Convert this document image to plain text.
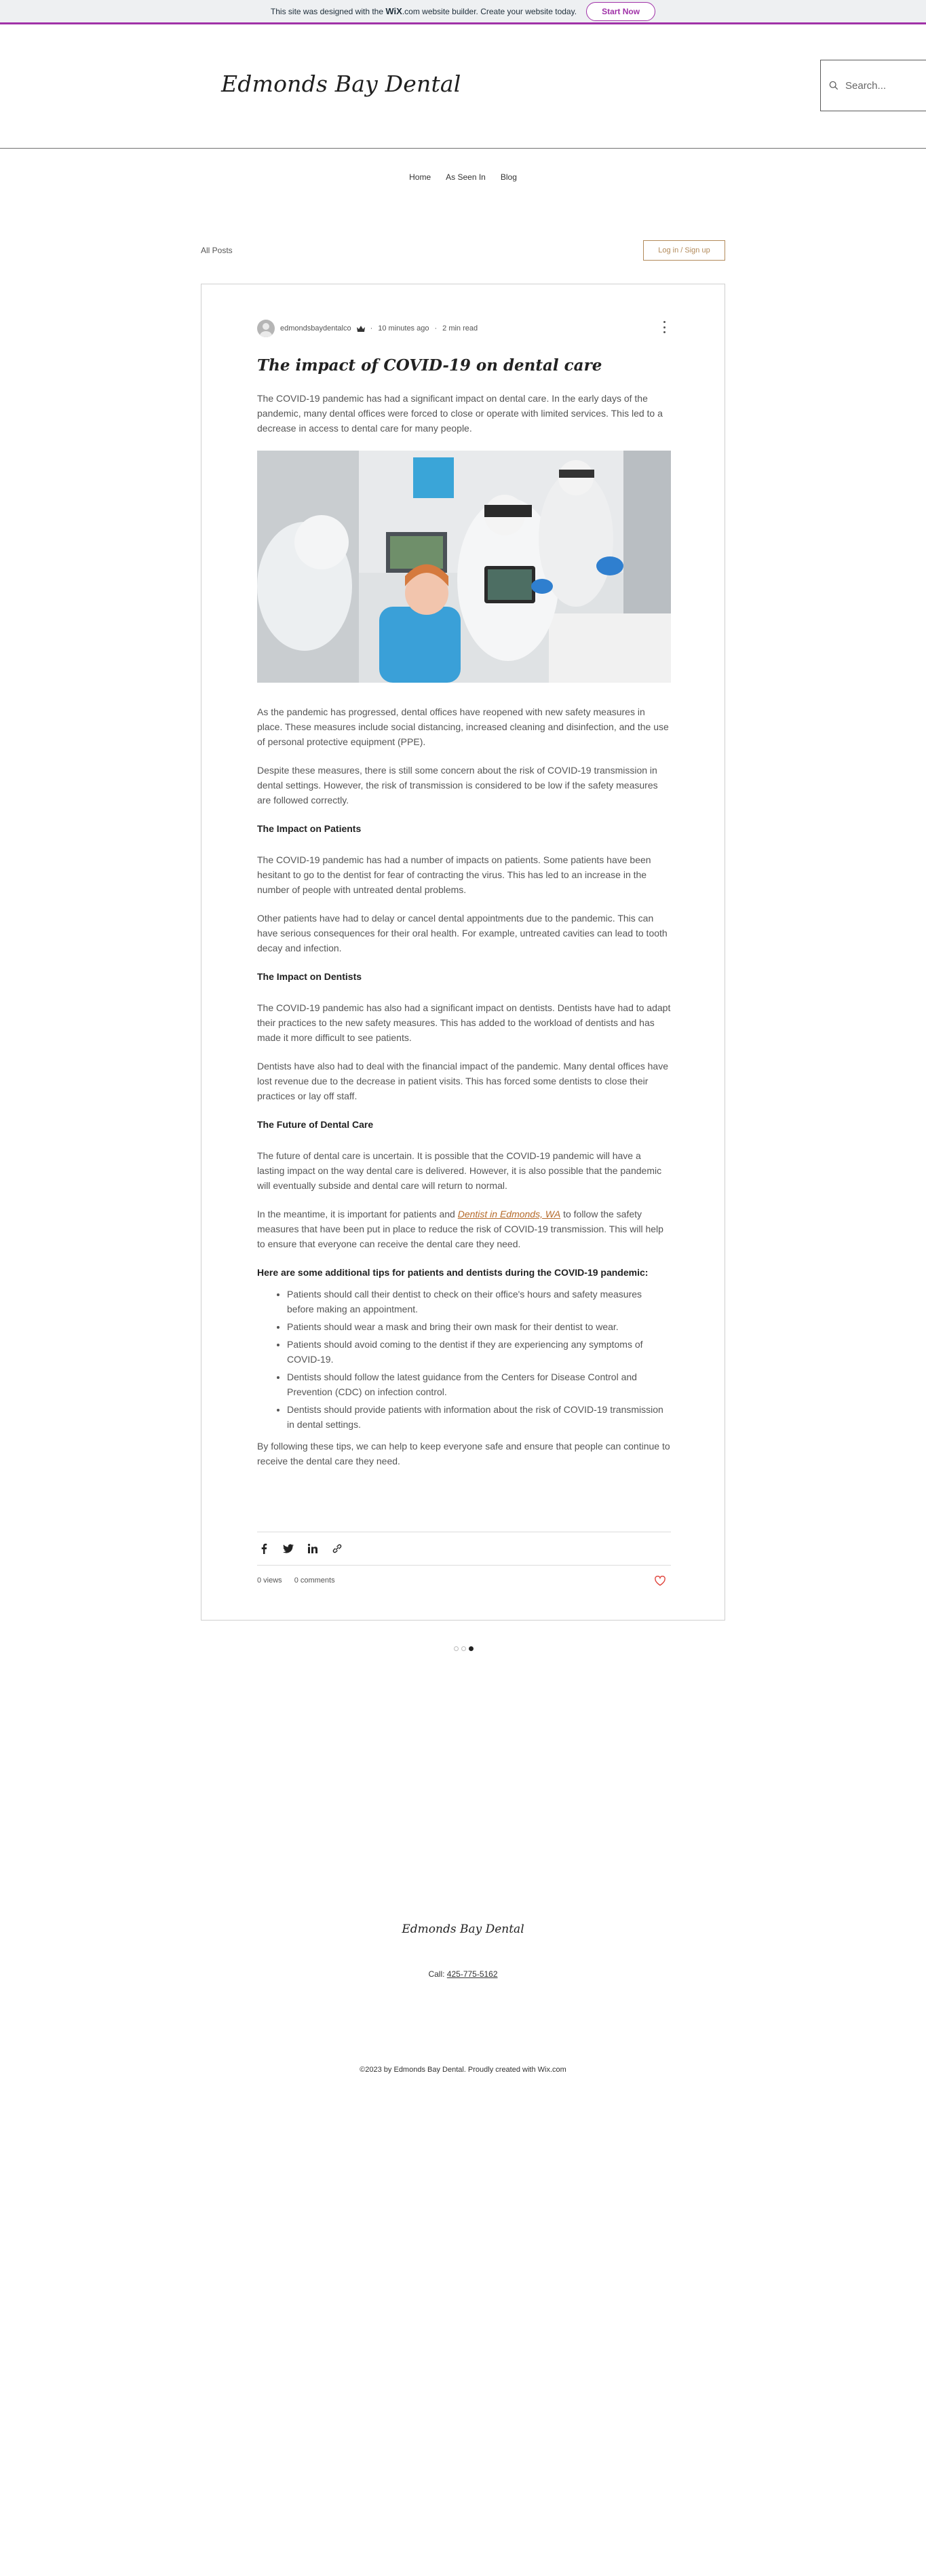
This site was designed with the WiX.com website builder. Create your website today.	Start Now
Edmonds Bay Dental	Search...
Home	As Seen In	Blog
All Posts	Log in / Sign up
edmondsbaydentalco	· 10 minutes ago · 2 min read
The impact of COVID-19 on dental care

The COVID-19 pandemic has had a significant impact on dental care. In the early days of the pandemic, many dental offices were forced to close or operate with limited services. This led to a decrease in access to dental care for many people.

As the pandemic has progressed, dental offices have reopened with new safety measures in place. These measures include social distancing, increased cleaning and disinfection, and the use of personal protective equipment (PPE).

Despite these measures, there is still some concern about the risk of COVID-19 transmission in dental settings. However, the risk of transmission is considered to be low if the safety measures are followed correctly.

The Impact on Patients

The COVID-19 pandemic has had a number of impacts on patients. Some patients have been hesitant to go to the dentist for fear of contracting the virus. This has led to an increase in the number of people with untreated dental problems.

Other patients have had to delay or cancel dental appointments due to the pandemic. This can have serious consequences for their oral health. For example, untreated cavities can lead to tooth decay and infection.

The Impact on Dentists

The COVID-19 pandemic has also had a significant impact on dentists. Dentists have had to adapt their practices to the new safety measures. This has added to the workload of dentists and has made it more difficult to see patients.

Dentists have also had to deal with the financial impact of the pandemic. Many dental offices have lost revenue due to the decrease in patient visits. This has forced some dentists to close their practices or lay off staff.

The Future of Dental Care

The future of dental care is uncertain. It is possible that the COVID-19 pandemic will have a lasting impact on the way dental care is delivered. However, it is also possible that the pandemic will eventually subside and dental care will return to normal.

In the meantime, it is important for patients and Dentist in Edmonds, WA to follow the safety measures that have been put in place to reduce the risk of COVID-19 transmission. This will help to ensure that everyone can receive the dental care they need.

Here are some additional tips for patients and dentists during the COVID-19 pandemic:

• Patients should call their dentist to check on their office's hours and safety measures before making an appointment.
• Patients should wear a mask and bring their own mask for their dentist to wear.
• Patients should avoid coming to the dentist if they are experiencing any symptoms of COVID-19.
• Dentists should follow the latest guidance from the Centers for Disease Control and Prevention (CDC) on infection control.
• Dentists should provide patients with information about the risk of COVID-19 transmission in dental settings.

By following these tips, we can help to keep everyone safe and ensure that people can continue to receive the dental care they need.

0 views 0 comments
Edmonds Bay Dental
Call: 425-775-5162
©2023 by Edmonds Bay Dental. Proudly created with Wix.com
